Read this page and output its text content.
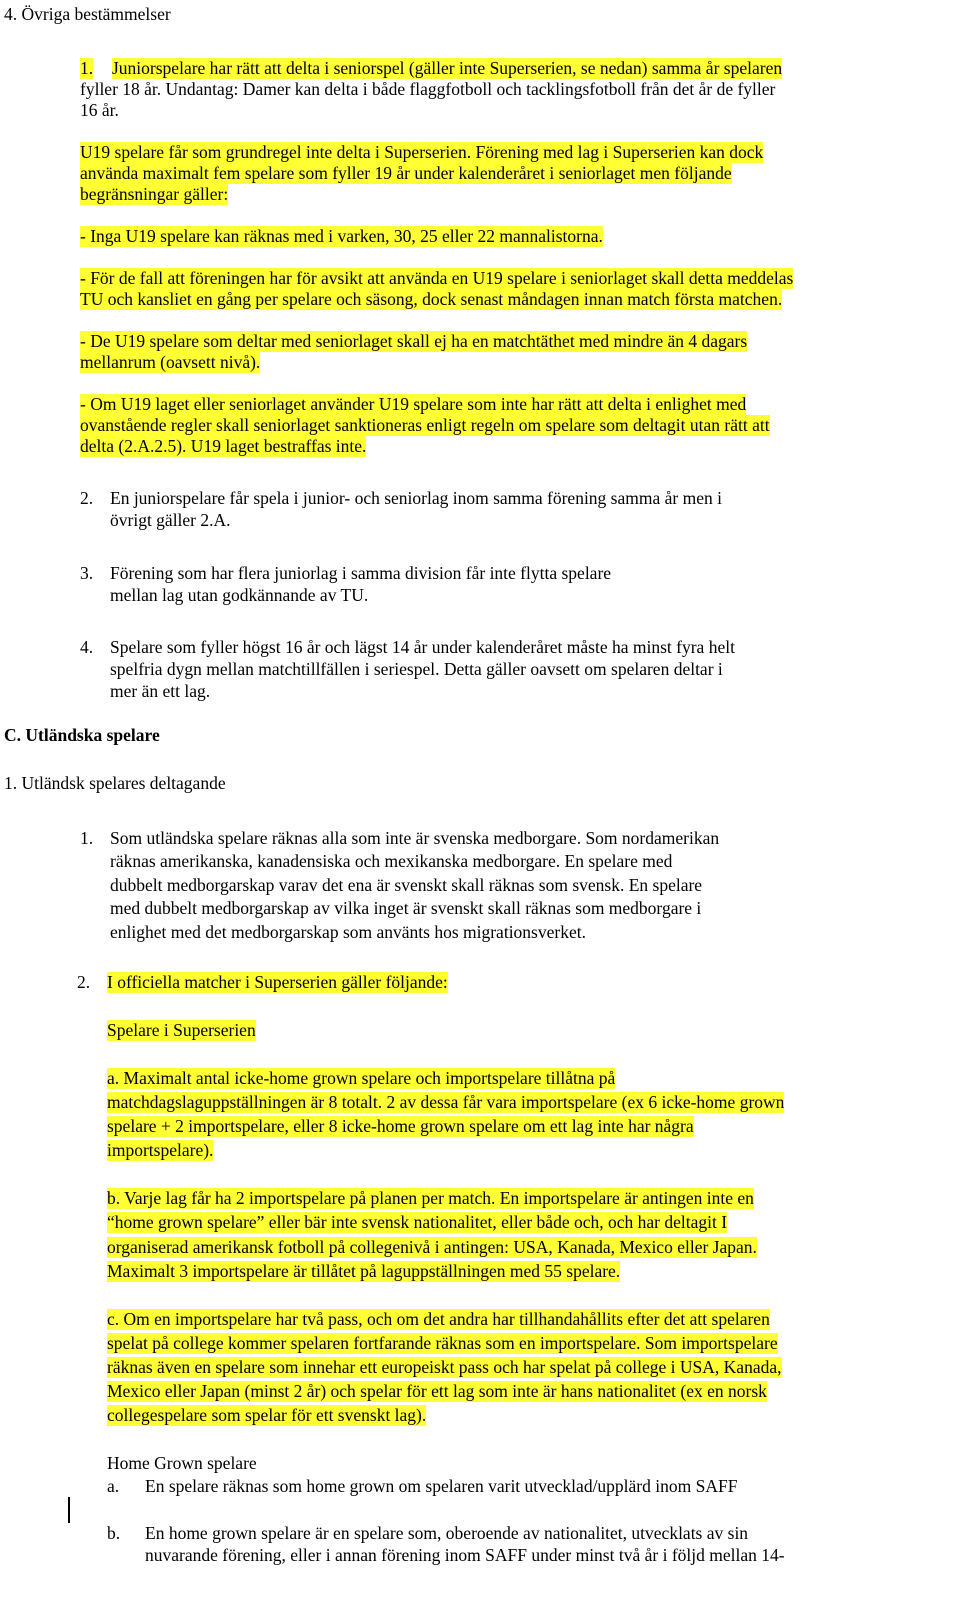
4. Övriga bestämmelser
1. Juniorspelare har rätt att delta i seniorspel (gäller inte Superserien, se nedan) samma år spelaren
fyller 18 år. Undantag: Damer kan delta i både flaggfotboll och tacklingsfotboll från det år de fyller
16 år.
U19 spelare får som grundregel inte delta i Superserien. Förening med lag i Superserien kan dock
använda maximalt fem spelare som fyller 19 år under kalenderåret i seniorlaget men följande
begränsningar gäller:
- Inga U19 spelare kan räknas med i varken, 30, 25 eller 22 mannalistorna.
- För de fall att föreningen har för avsikt att använda en U19 spelare i seniorlaget skall detta meddelas
TU och kansliet en gång per spelare och säsong, dock senast måndagen innan match första matchen.
- De U19 spelare som deltar med seniorlaget skall ej ha en matchtäthet med mindre än 4 dagars
mellanrum (oavsett nivå).
- Om U19 laget eller seniorlaget använder U19 spelare som inte har rätt att delta i enlighet med
ovanstående regler skall seniorlaget sanktioneras enligt regeln om spelare som deltagit utan rätt att
delta (2.A.2.5). U19 laget bestraffas inte.
2. En juniorspelare får spela i junior- och seniorlag inom samma förening samma år men i
övrigt gäller 2.A.
3. Förening som har flera juniorlag i samma division får inte flytta spelare
mellan lag utan godkännande av TU.
4. Spelare som fyller högst 16 år och lägst 14 år under kalenderåret måste ha minst fyra helt
spelfria dygn mellan matchtillfällen i seriespel. Detta gäller oavsett om spelaren deltar i
mer än ett lag.
C. Utländska spelare
1. Utländsk spelares deltagande
1. Som utländska spelare räknas alla som inte är svenska medborgare. Som nordamerikan
räknas amerikanska, kanadensiska och mexikanska medborgare. En spelare med
dubbelt medborgarskap varav det ena är svenskt skall räknas som svensk. En spelare
med dubbelt medborgarskap av vilka inget är svenskt skall räknas som medborgare i
enlighet med det medborgarskap som använts hos migrationsverket.
2. I officiella matcher i Superserien gäller följande:
Spelare i Superserien
a. Maximalt antal icke-home grown spelare och importspelare tillåtna på
matchdagslaguppställningen är 8 totalt. 2 av dessa får vara importspelare (ex 6 icke-home grown
spelare + 2 importspelare, eller 8 icke-home grown spelare om ett lag inte har några
importspelare).
b. Varje lag får ha 2 importspelare på planen per match. En importspelare är antingen inte en
“home grown spelare” eller bär inte svensk nationalitet, eller både och, och har deltagit I
organiserad amerikansk fotboll på collegenivå i antingen: USA, Kanada, Mexico eller Japan.
Maximalt 3 importspelare är tillåtet på laguppställningen med 55 spelare.
c. Om en importspelare har två pass, och om det andra har tillhandahållits efter det att spelaren
spelat på college kommer spelaren fortfarande räknas som en importspelare. Som importspelare
räknas även en spelare som innehar ett europeiskt pass och har spelat på college i USA, Kanada,
Mexico eller Japan (minst 2 år) och spelar för ett lag som inte är hans nationalitet (ex en norsk
collegespelare som spelar för ett svenskt lag).
Home Grown spelare
a. En spelare räknas som home grown om spelaren varit utvecklad/upplärd inom SAFF
b. En home grown spelare är en spelare som, oberoende av nationalitet, utvecklats av sin
nuvarande förening, eller i annan förening inom SAFF under minst två år i följd mellan 14-
